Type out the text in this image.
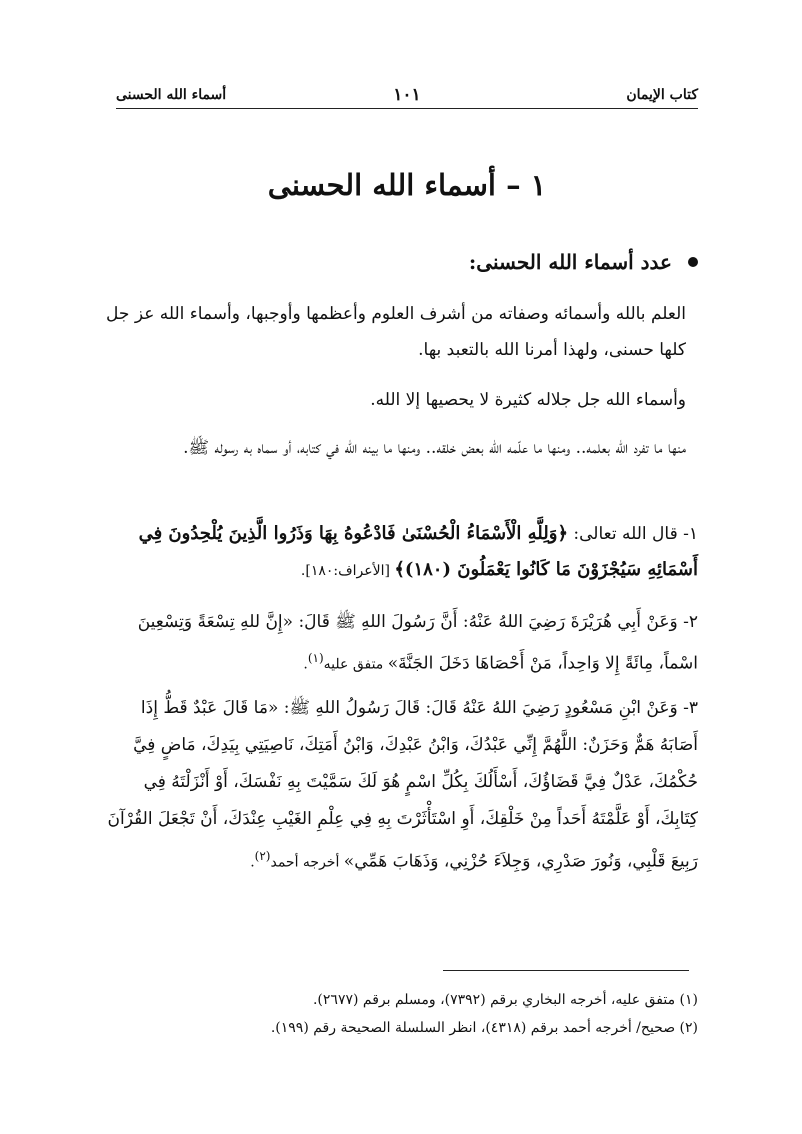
كتاب الإيمان
١٠١
أسماء الله الحسنى
١ – أسماء الله الحسنى
عدد أسماء الله الحسنى:
العلم بالله وأسمائه وصفاته من أشرف العلوم وأعظمها وأوجبها، وأسماء الله عز جل كلها حسنى، ولهذا أمرنا الله بالتعبد بها.
وأسماء الله جل جلاله كثيرة لا يحصيها إلا الله.
منها ما تفرد الله بعلمه.. ومنها ما علّمه الله بعض خلقه.. ومنها ما بينه الله في كتابه، أو سماه به رسوله ﷺ.
١- قال الله تعالى: ﴿وَلِلَّهِ الْأَسْمَاءُ الْحُسْنَىٰ فَادْعُوهُ بِهَا وَذَرُوا الَّذِينَ يُلْحِدُونَ فِي أَسْمَائِهِ سَيُجْزَوْنَ مَا كَانُوا يَعْمَلُونَ (١٨٠)﴾ [الأعراف:١٨٠].
٢- وَعَنْ أَبِي هُرَيْرَةَ رَضِيَ اللهُ عَنْهُ: أَنَّ رَسُولَ اللهِ ﷺ قَالَ: «إِنَّ للهِ تِسْعَةً وَتِسْعِينَ اسْماً، مِائَةً إِلا وَاحِداً، مَنْ أَحْصَاهَا دَخَلَ الجَنَّةَ» متفق عليه$^{(١)}$.
٣- وَعَنْ ابْنِ مَسْعُودٍ رَضِيَ اللهُ عَنْهُ قَالَ: قَالَ رَسُولُ اللهِ ﷺ: «مَا قَالَ عَبْدٌ قَطُّ إِذَا أَصَابَهُ هَمٌّ وَحَزَنٌ: اللَّهُمَّ إِنِّي عَبْدُكَ، وَابْنُ عَبْدِكَ، وَابْنُ أَمَتِكَ، نَاصِيَتِي بِيَدِكَ، مَاضٍ فِيَّ حُكْمُكَ، عَدْلٌ فِيَّ قَضَاؤُكَ، أَسْأَلُكَ بِكُلِّ اسْمٍ هُوَ لَكَ سَمَّيْتَ بِهِ نَفْسَكَ، أَوْ أَنْزَلْتَهُ فِي كِتَابِكَ، أَوْ عَلَّمْتَهُ أَحَداً مِنْ خَلْقِكَ، أَوِ اسْتَأْثَرْتَ بِهِ فِي عِلْمِ الغَيْبِ عِنْدَكَ، أَنْ تَجْعَلَ القُرْآنَ رَبِيعَ قَلْبِي، وَنُورَ صَدْرِي، وَجِلاَءَ حُزْنِي، وَذَهَابَ هَمِّي» أخرجه أحمد$^{(٢)}$.
(١) متفق عليه، أخرجه البخاري برقم (٧٣٩٢)، ومسلم برقم (٢٦٧٧).
(٢) صحيح/ أخرجه أحمد برقم (٤٣١٨)، انظر السلسلة الصحيحة رقم (١٩٩).
